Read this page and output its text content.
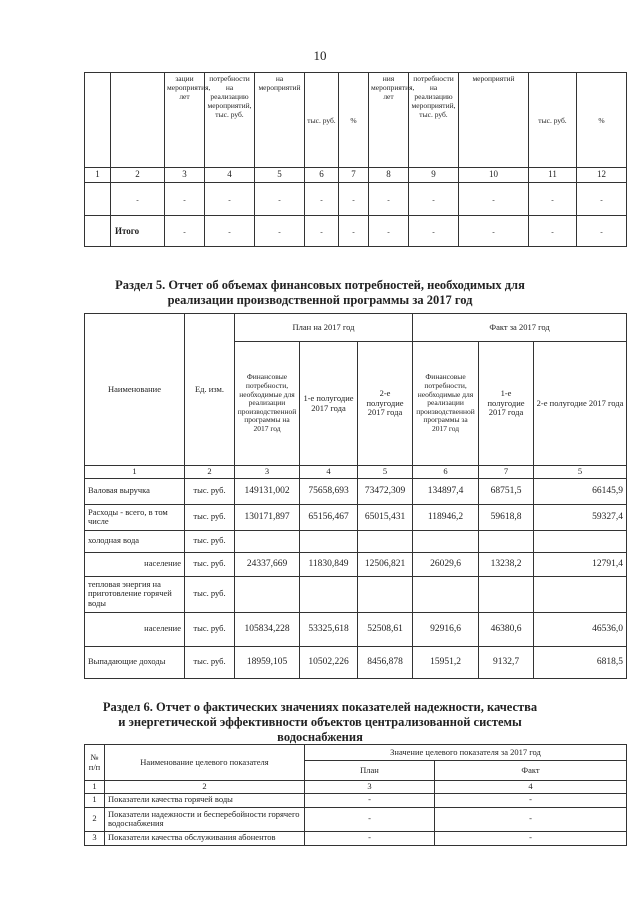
10
		зации мероприятия, лет	потребности на реализацию мероприятий, тыс. руб.	на мероприятий	тыс. руб.	%	ния мероприятия, лет	потребности на реализацию мероприятий, тыс. руб.	мероприятий	тыс. руб.	%
1	2	3	4	5	6	7	8	9	10	11	12
	-	-	-	-	-	-	-	-	-	-	-
	Итого	-	-	-	-	-	-	-	-	-	-
Раздел 5. Отчет об объемах финансовых потребностей, необходимых для
реализации производственной программы за 2017 год
Наименование	Ед. изм.	План на 2017 год			Факт за 2017 год		
		Финансовые потребности, необходимые для реализации производственной программы на 2017 год	1-е полугодие 2017 года	2-е полугодие 2017 года	Финансовые потребности, необходимые для реализации производственной программы за 2017 год	1-е полугодие 2017 года	2-е полугодие 2017 года
1	2	3	4	5	6	7	5
Валовая выручка	тыс. руб.	149131,002	75658,693	73472,309	134897,4	68751,5	66145,9
Расходы - всего, в том числе	тыс. руб.	130171,897	65156,467	65015,431	118946,2	59618,8	59327,4
холодная вода	тыс. руб.						
население	тыс. руб.	24337,669	11830,849	12506,821	26029,6	13238,2	12791,4
тепловая энергия на приготовление горячей воды	тыс. руб.						
население	тыс. руб.	105834,228	53325,618	52508,61	92916,6	46380,6	46536,0
Выпадающие доходы	тыс. руб.	18959,105	10502,226	8456,878	15951,2	9132,7	6818,5
Раздел 6. Отчет о фактических значениях показателей надежности, качества
и энергетической эффективности объектов централизованной системы
водоснабжения
№ п/п	Наименование целевого показателя	Значение целевого показателя за 2017 год	
		План	Факт
1	2	3	4
1	Показатели качества горячей воды	-	-
2	Показатели надежности и бесперебойности горячего водоснабжения	-	-
3	Показатели качества обслуживания абонентов	-	-
